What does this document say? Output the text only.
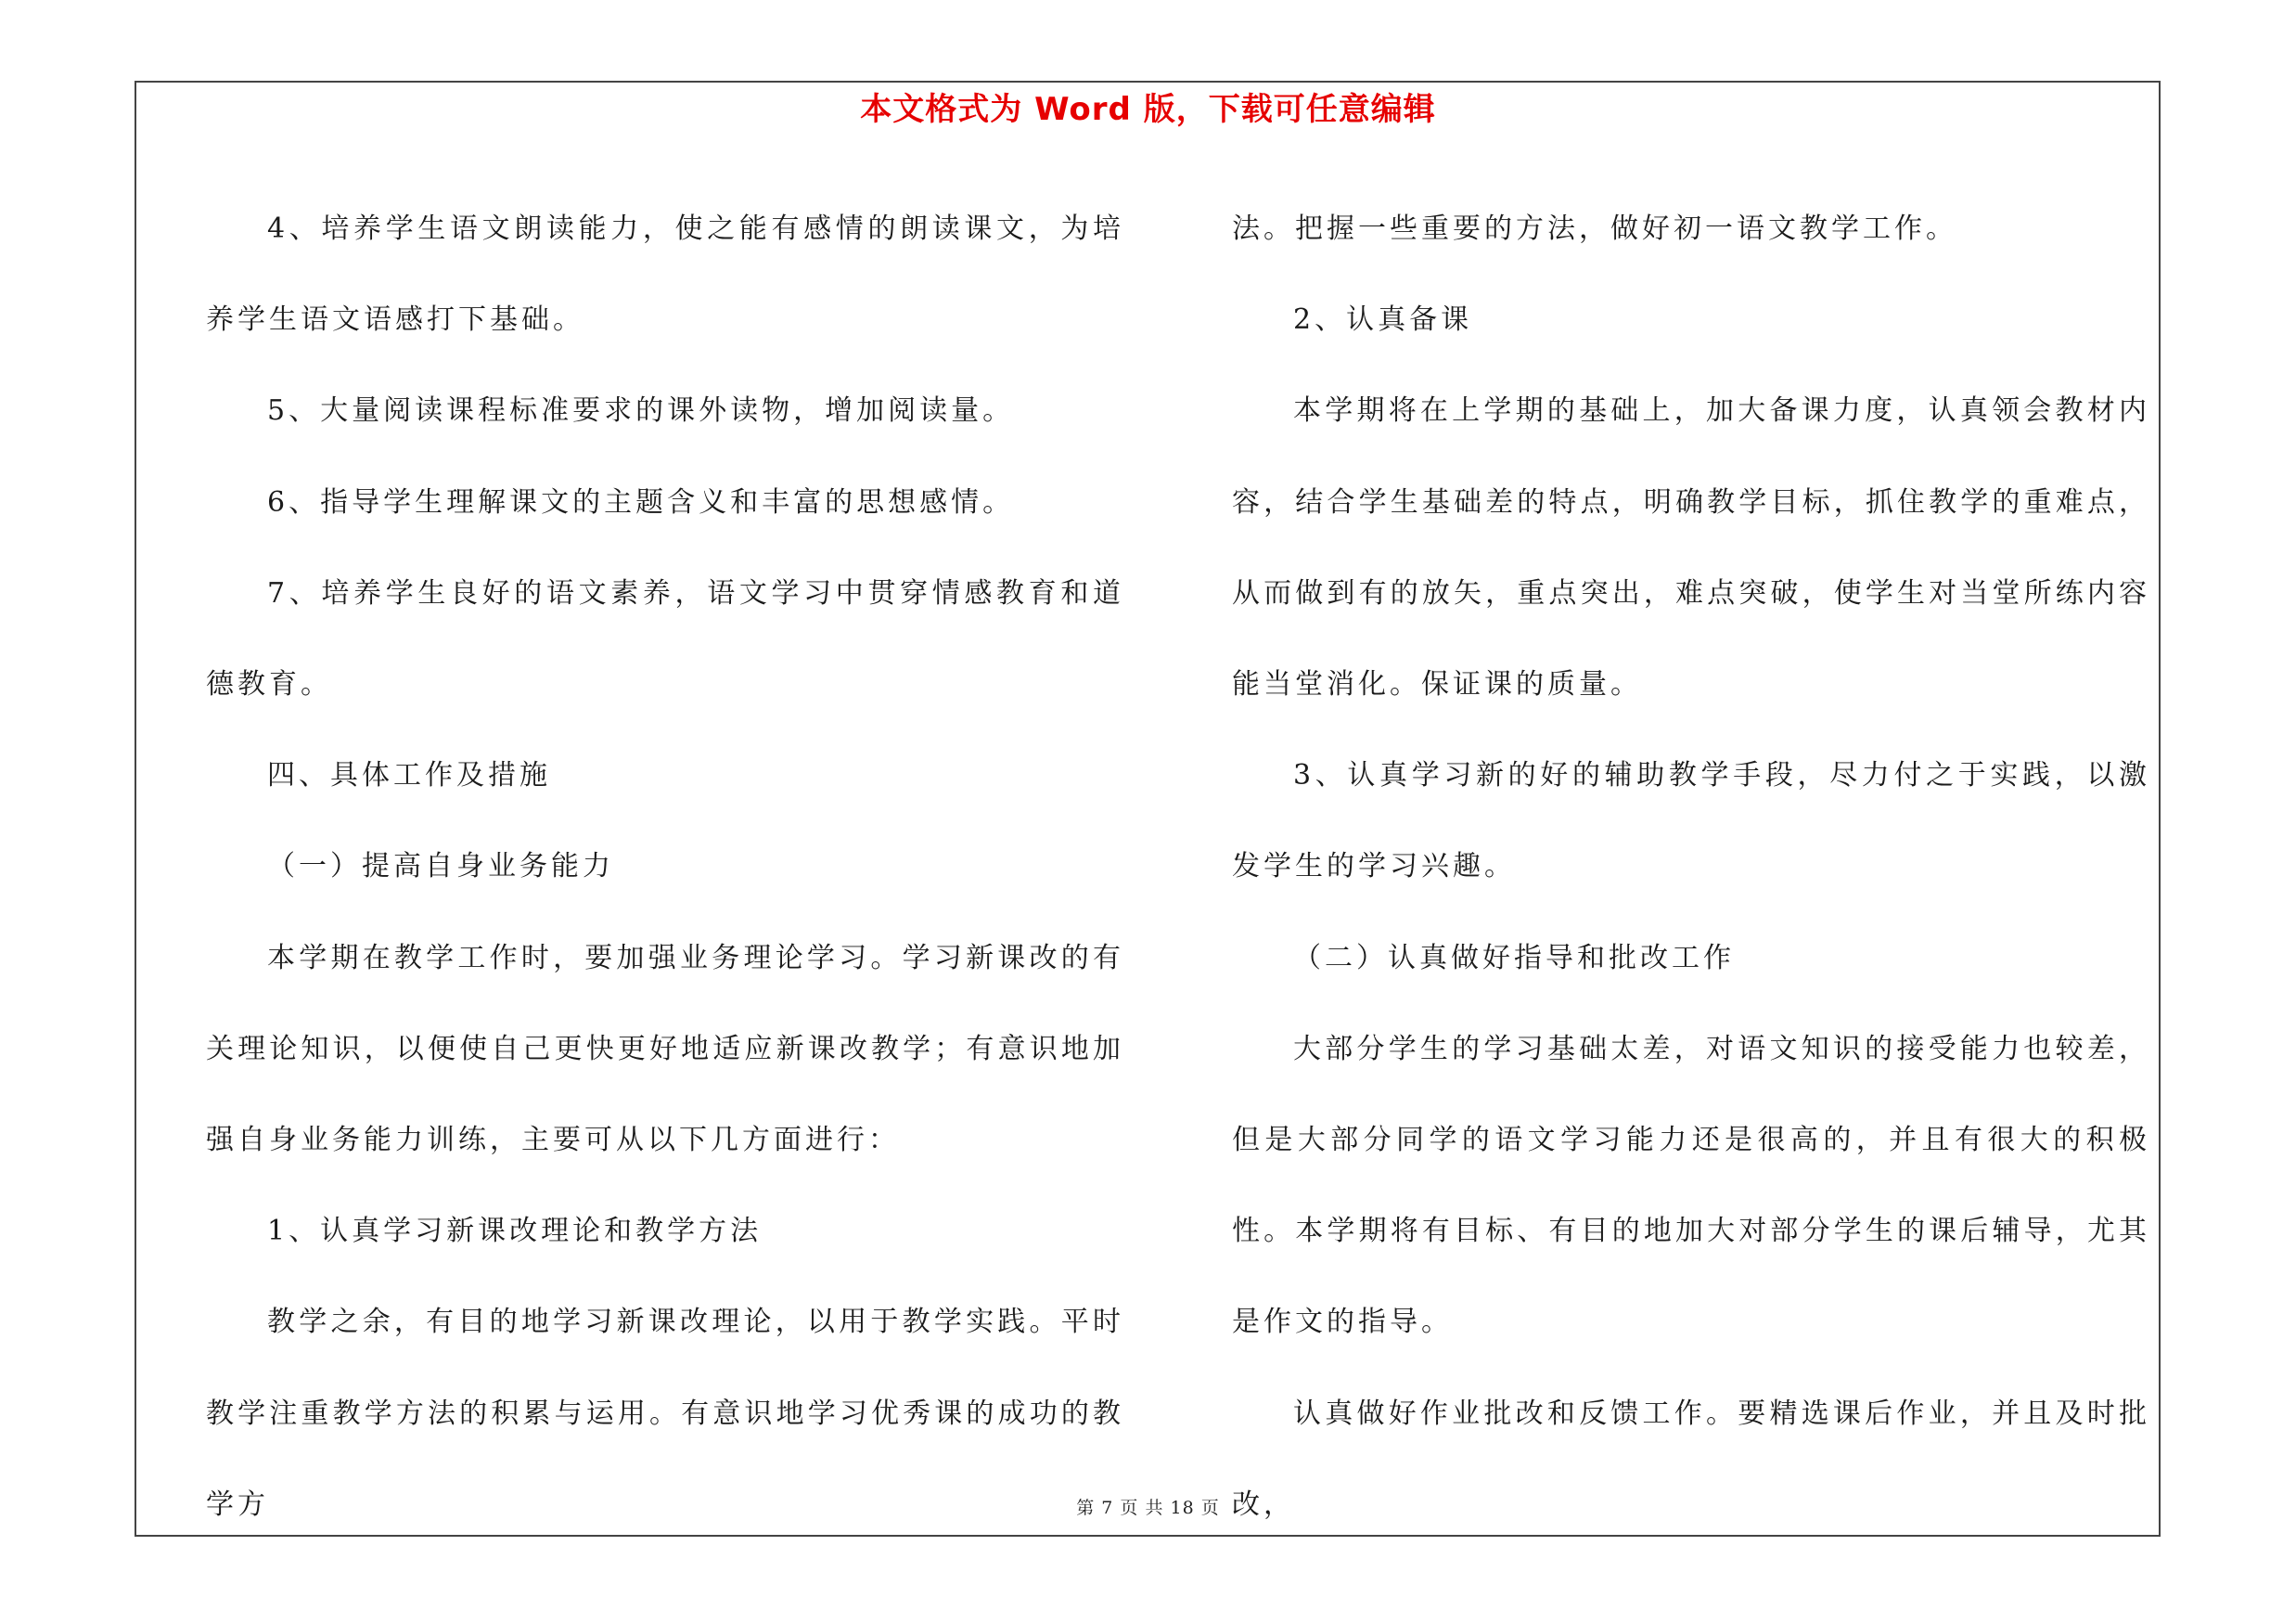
本文格式为 Word 版，下载可任意编辑

4、培养学生语文朗读能力，使之能有感情的朗读课文，为培养学生语文语感打下基础。

5、大量阅读课程标准要求的课外读物，增加阅读量。

6、指导学生理解课文的主题含义和丰富的思想感情。

7、培养学生良好的语文素养，语文学习中贯穿情感教育和道德教育。

四、具体工作及措施

（一）提高自身业务能力

本学期在教学工作时，要加强业务理论学习。学习新课改的有关理论知识，以便使自己更快更好地适应新课改教学；有意识地加强自身业务能力训练，主要可从以下几方面进行：

1、认真学习新课改理论和教学方法

教学之余，有目的地学习新课改理论，以用于教学实践。平时教学注重教学方法的积累与运用。有意识地学习优秀课的成功的教学方

法。把握一些重要的方法，做好初一语文教学工作。

2、认真备课

本学期将在上学期的基础上，加大备课力度，认真领会教材内容，结合学生基础差的特点，明确教学目标，抓住教学的重难点，从而做到有的放矢，重点突出，难点突破，使学生对当堂所练内容能当堂消化。保证课的质量。

3、认真学习新的好的辅助教学手段，尽力付之于实践，以激发学生的学习兴趣。

（二）认真做好指导和批改工作

大部分学生的学习基础太差，对语文知识的接受能力也较差，但是大部分同学的语文学习能力还是很高的，并且有很大的积极性。本学期将有目标、有目的地加大对部分学生的课后辅导，尤其是作文的指导。

认真做好作业批改和反馈工作。要精选课后作业，并且及时批改，

第 7 页 共 18 页
